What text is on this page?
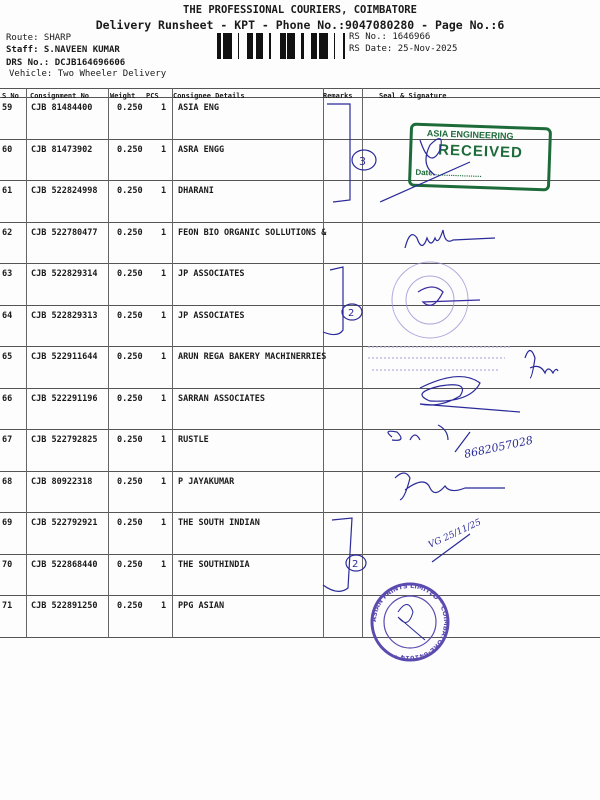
THE PROFESSIONAL COURIERS, COIMBATORE
Delivery Runsheet - KPT - Phone No.:9047080280 - Page No.:6
Route: SHARP
Staff: S.NAVEEN KUMAR
DRS No.: DCJB164696606
Vehicle: Two Wheeler Delivery
RS No.: 1646966
RS Date: 25-Nov-2025
S No Consignment No	Weight PCS Consignee Details	Remarks	Seal & Signature
59 CJB 81484400	0.250 1 ASIA ENG
60 CJB 81473902	0.250 1 ASRA ENGG
61 CJB 522824998 0.250 1 DHARANI
62 CJB 522780477 0.250 1 FEON BIO ORGANIC SOLLUTIONS &
63 CJB 522829314 0.250 1 JP ASSOCIATES
64 CJB 522829313 0.250 1 JP ASSOCIATES
65 CJB 522911644 0.250 1 ARUN REGA BAKERY MACHINERRIES
66 CJB 522291196 0.250 1 SARRAN ASSOCIATES
67 CJB 522792825 0.250 1 RUSTLE
68 CJB 80922318	0.250 1 P JAYAKUMAR
69 CJB 522792921 0.250 1 THE SOUTH INDIAN
70 CJB 522868440 0.250 1 THE SOUTHINDIA
71 CJB 522891250 0.250 1 PPG ASIAN
ASIA ENGINEERING
RECEIVED
Date......................
3
2
8682057028
2
VG 25/11/25
ASIAN PAINTS LIMITED * COIMBATORE-641014 *
